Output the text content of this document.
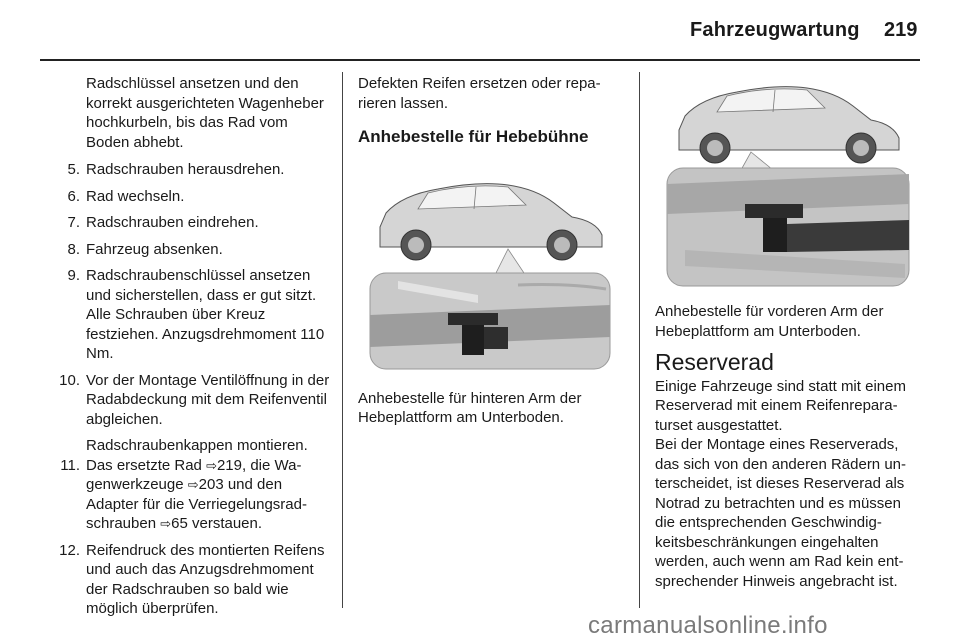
Fahrzeugwartung 219

Radschlüssel ansetzen und den korrekt ausgerichteten Wagenheber hochkurbeln, bis das Rad vom Boden abhebt.

5. Radschrauben herausdrehen.
6. Rad wechseln.
7. Radschrauben eindrehen.
8. Fahrzeug absenken.
9. Radschraubenschlüssel ansetzen und sicherstellen, dass er gut sitzt. Alle Schrauben über Kreuz festziehen. Anzugsdrehmoment 110 Nm.
10. Vor der Montage Ventilöffnung in der Radabdeckung mit dem Reifenventil abgleichen.

Radschraubenkappen montieren.

11. Das ersetzte Rad ⇨219, die Wagenwerkzeuge ⇨203 und den Adapter für die Verriegelungsradschrauben ⇨65 verstauen.
12. Reifendruck des montierten Reifens und auch das Anzugsdrehmoment der Radschrauben so bald wie möglich überprüfen.

Defekten Reifen ersetzen oder reparieren lassen.

Anhebestelle für Hebebühne

Anhebestelle für hinteren Arm der Hebeplattform am Unterboden.

Anhebestelle für vorderen Arm der Hebeplattform am Unterboden.

Reserverad

Einige Fahrzeuge sind statt mit einem Reserverad mit einem Reifenreparaturset ausgestattet.

Bei der Montage eines Reserverads, das sich von den anderen Rädern unterscheidet, ist dieses Reserverad als Notrad zu betrachten und es müssen die entsprechenden Geschwindigkeitsbeschränkungen eingehalten werden, auch wenn am Rad kein entsprechender Hinweis angebracht ist.

carmanualsonline.info
